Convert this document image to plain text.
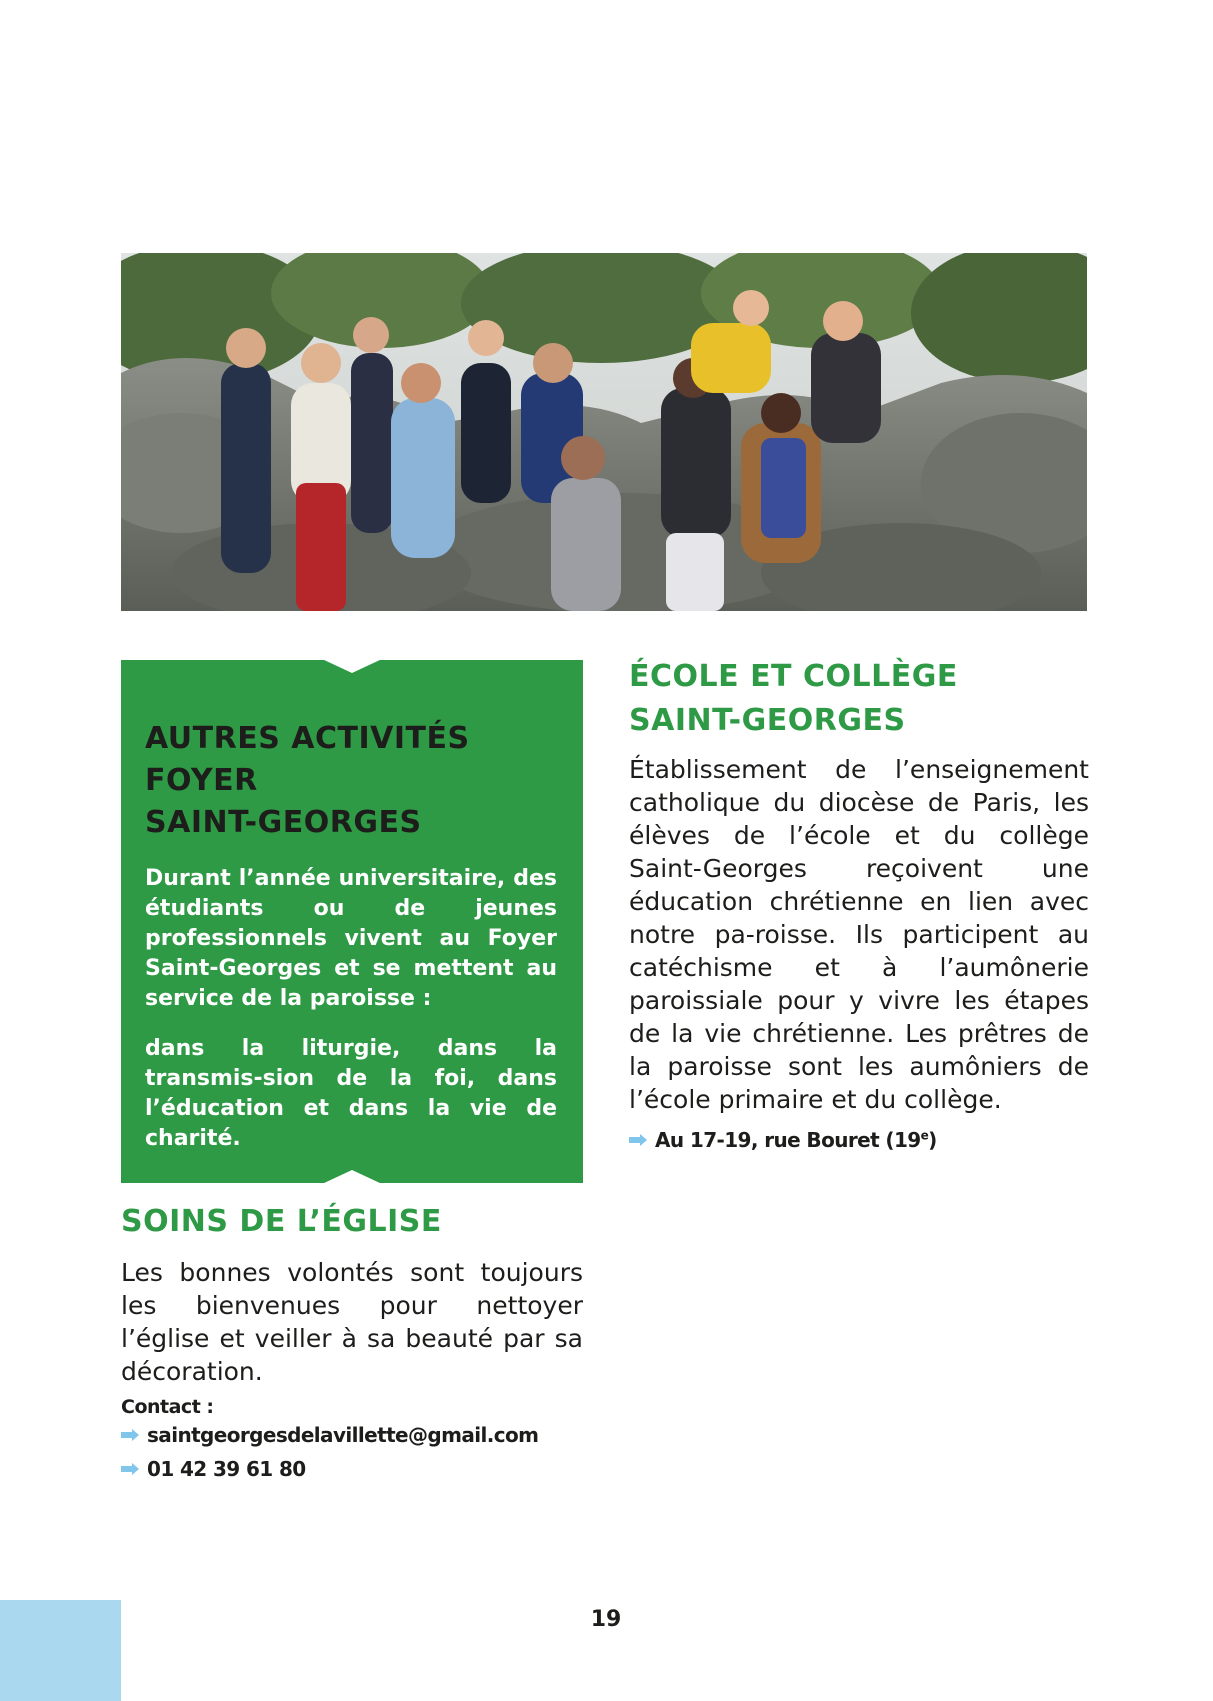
AUTRES ACTIVITÉS
FOYER
SAINT-GEORGES
Durant l’année universitaire, des étudiants ou de jeunes professionnels vivent au Foyer Saint-Georges et se mettent au service de la paroisse :
dans la liturgie, dans la transmis-sion de la foi, dans l’éducation et dans la vie de charité.
ÉCOLE ET COLLÈGE
SAINT-GEORGES
Établissement de l’enseignement catholique du diocèse de Paris, les élèves de l’école et du collège Saint-Georges reçoivent une éducation chrétienne en lien avec notre pa-roisse. Ils participent au catéchisme et à l’aumônerie paroissiale pour y vivre les étapes de la vie chrétienne. Les prêtres de la paroisse sont les aumôniers de l’école primaire et du collège.
Au 17-19, rue Bouret (19e)
SOINS DE L’ÉGLISE
Les bonnes volontés sont toujours les bienvenues pour nettoyer l’église et veiller à sa beauté par sa décoration.
Contact :
saintgeorgesdelavillette@gmail.com
01 42 39 61 80
19
